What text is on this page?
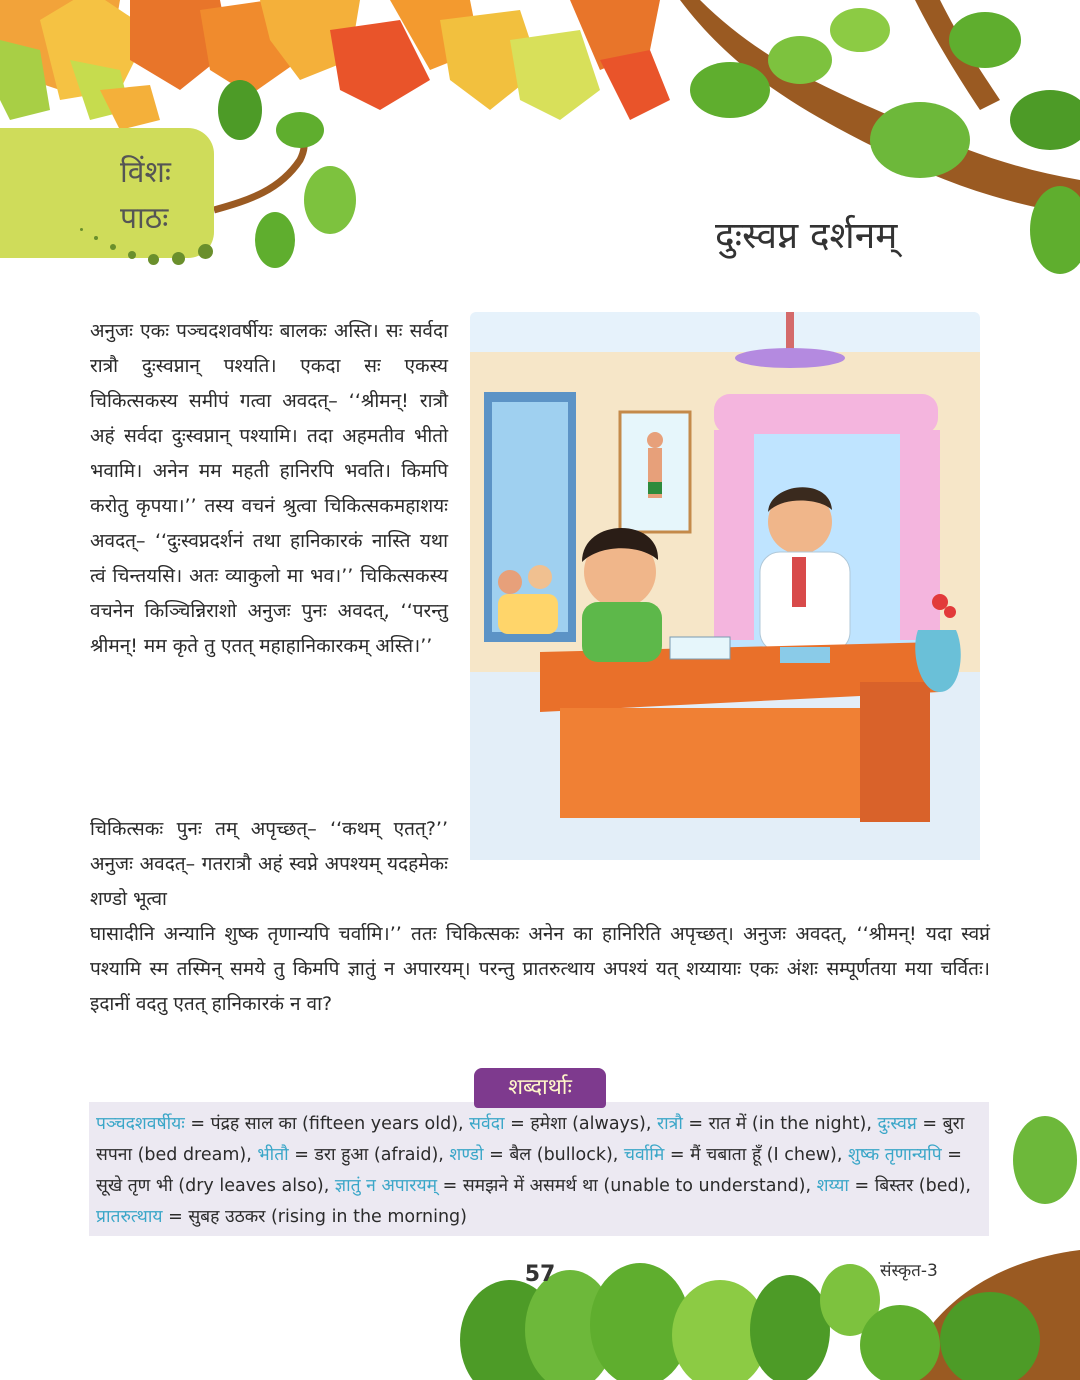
विंशः
पाठः	दुःस्वप्न दर्शनम्

अनुजः एकः पञ्चदशवर्षीयः बालकः अस्ति। सः सर्वदा रात्रौ दुःस्वप्नान् पश्यति। एकदा सः एकस्य चिकित्सकस्य समीपं गत्वा अवदत्– ‘‘श्रीमन्! रात्रौ अहं सर्वदा दुःस्वप्नान् पश्यामि। तदा अहमतीव भीतो भवामि। अनेन मम महती हानिरपि भवति। किमपि करोतु कृपया।’’ तस्य वचनं श्रुत्वा चिकित्सकमहाशयः अवदत्– ‘‘दुःस्वप्नदर्शनं तथा हानिकारकं नास्ति यथा त्वं चिन्तयसि। अतः व्याकुलो मा भव।’’ चिकित्सकस्य वचनेन किञ्चिन्निराशो अनुजः पुनः अवदत्, ‘‘परन्तु श्रीमन्! मम कृते तु एतत् महाहानिकारकम् अस्ति।’’

चिकित्सकः पुनः तम् अपृच्छत्– ‘‘कथम् एतत्?’’ अनुजः अवदत्– गतरात्रौ अहं स्वप्ने अपश्यम् यदहमेकः शण्डो भूत्वा

घासादीनि अन्यानि शुष्क तृणान्यपि चर्वामि।’’ ततः चिकित्सकः अनेन का हानिरिति अपृच्छत्। अनुजः अवदत्, ‘‘श्रीमन्! यदा स्वप्नं पश्यामि स्म तस्मिन् समये तु किमपि ज्ञातुं न अपारयम्। परन्तु प्रातरुत्थाय अपश्यं यत् शय्यायाः एकः अंशः सम्पूर्णतया मया चर्वितः। इदानीं वदतु एतत् हानिकारकं न वा?

शब्दार्थाः

पञ्चदशवर्षीयः = पंद्रह साल का (fifteen years old), सर्वदा = हमेशा (always), रात्रौ = रात में (in the night), दुःस्वप्न = बुरा सपना (bed dream), भीतौ = डरा हुआ (afraid), शण्डो = बैल (bullock), चर्वामि = मैं चबाता हूँ (I chew), शुष्क तृणान्यपि = सूखे तृण भी (dry leaves also), ज्ञातुं न अपारयम् = समझने में असमर्थ था (unable to understand), शय्या = बिस्तर (bed), प्रातरुत्थाय = सुबह उठकर (rising in the morning)

57	संस्कृत-3
